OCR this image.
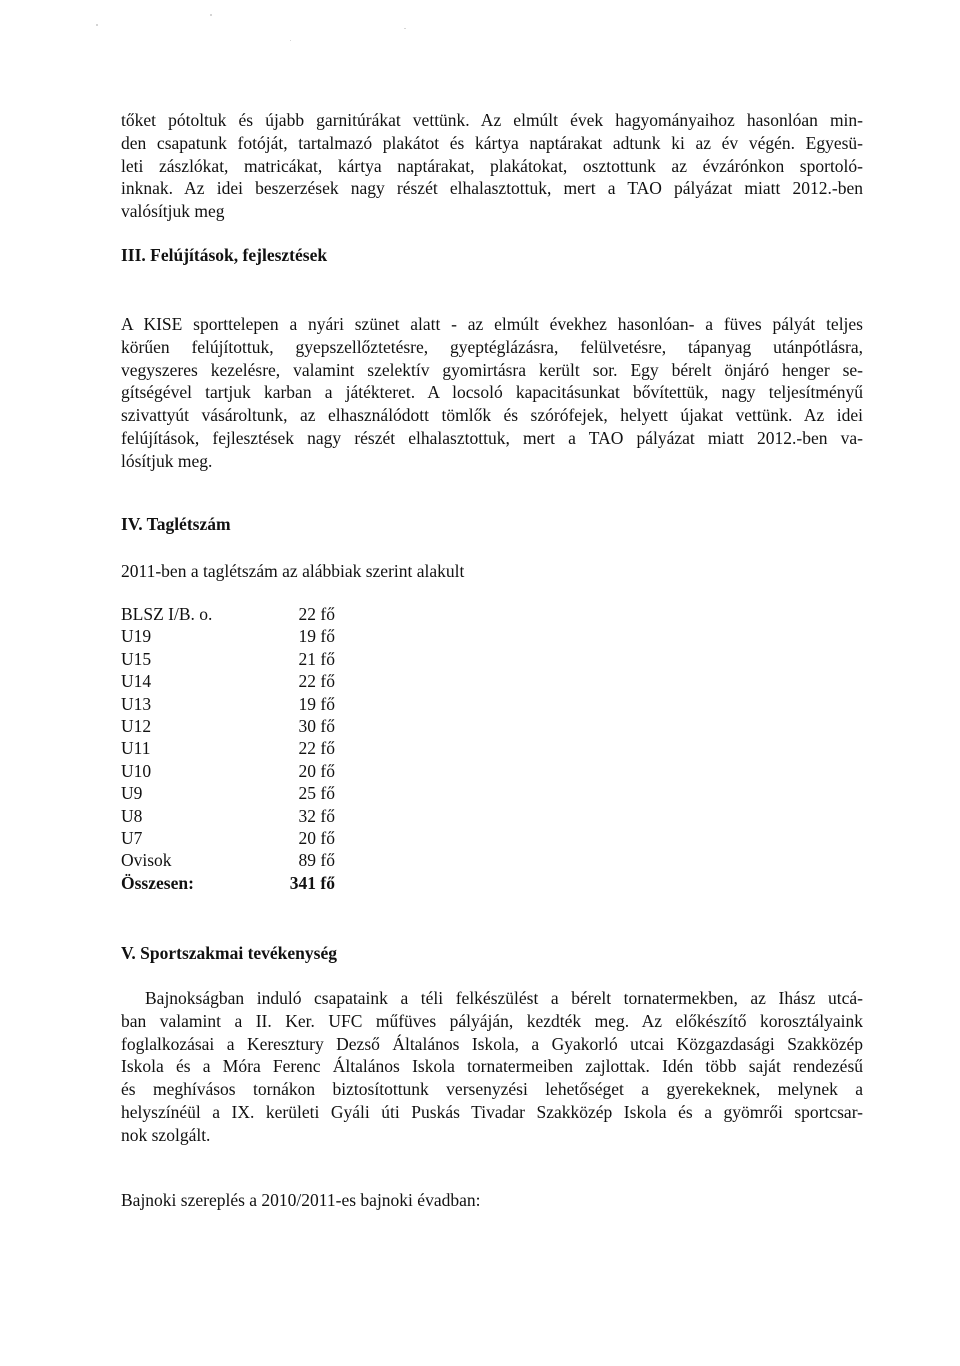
tőket pótoltuk és újabb garnitúrákat vettünk. Az elmúlt évek hagyományaihoz hasonlóan min-
den csapatunk fotóját, tartalmazó plakátot és kártya naptárakat adtunk ki az év végén. Egyesü-
leti zászlókat, matricákat, kártya naptárakat, plakátokat, osztottunk az évzárónkon sportoló-
inknak. Az idei beszerzések nagy részét elhalasztottuk, mert a TAO pályázat miatt 2012.-ben
valósítjuk meg
III. Felújítások, fejlesztések
A KISE sporttelepen a nyári szünet alatt - az elmúlt évekhez hasonlóan- a füves pályát teljes
körűen felújítottuk, gyepszellőztetésre, gyeptéglázásra, felülvetésre, tápanyag utánpótlásra,
vegyszeres kezelésre, valamint szelektív gyomirtásra került sor. Egy bérelt önjáró henger se-
gítségével tartjuk karban a játékteret. A locsoló kapacitásunkat bővítettük, nagy teljesítményű
szivattyút vásároltunk, az elhasználódott tömlők és szórófejek, helyett újakat vettünk. Az idei
felújítások, fejlesztések nagy részét elhalasztottuk, mert a TAO pályázat miatt 2012.-ben va-
lósítjuk meg.
IV. Taglétszám
2011-ben a taglétszám az alábbiak szerint alakult
BLSZ I/B. o.	22 fő
U19	19 fő
U15	21 fő
U14	22 fő
U13	19 fő
U12	30 fő
U11	22 fő
U10	20 fő
U9	25 fő
U8	32 fő
U7	20 fő
Ovisok	89 fő
Összesen:	341 fő
V. Sportszakmai tevékenység
Bajnokságban induló csapataink a téli felkészülést a bérelt tornatermekben, az Ihász utcá-
ban valamint a II. Ker. UFC műfüves pályáján, kezdték meg. Az előkészítő korosztályaink
foglalkozásai a Keresztury Dezső Általános Iskola, a Gyakorló utcai Közgazdasági Szakközép
Iskola és a Móra Ferenc Általános Iskola tornatermeiben zajlottak. Idén több saját rendezésű
és meghívásos tornákon biztosítottunk versenyzési lehetőséget a gyerekeknek, melynek a
helyszínéül a IX. kerületi Gyáli úti Puskás Tivadar Szakközép Iskola és a gyömrői sportcsar-
nok szolgált.
Bajnoki szereplés a 2010/2011-es bajnoki évadban:
